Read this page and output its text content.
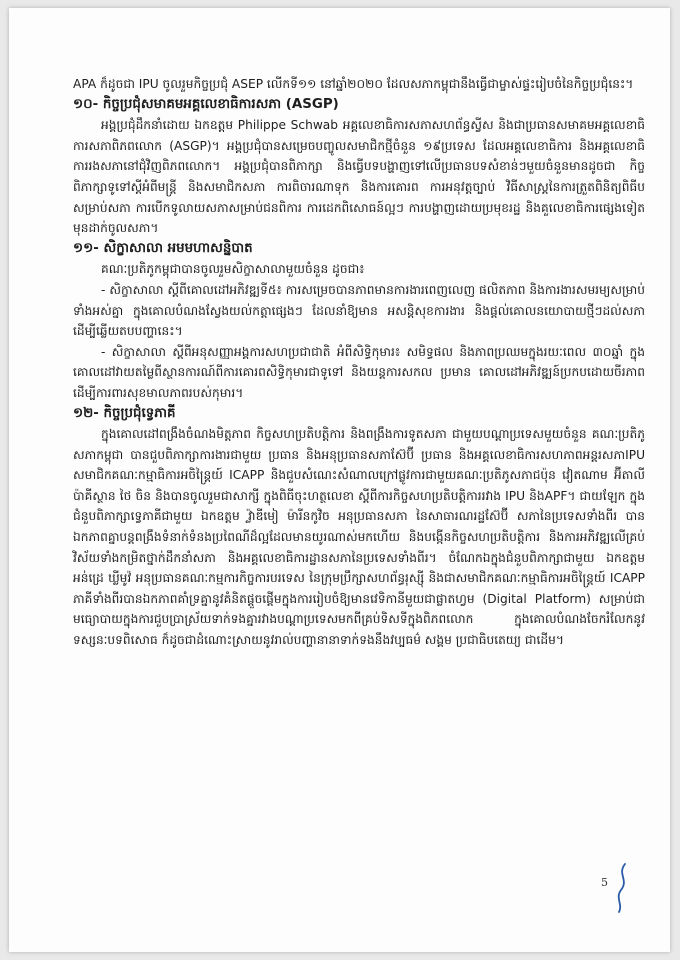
APA ក៏ដូចជា IPU ចូលរួមកិច្ចប្រជុំ ASEP លើកទី១១ នៅឆ្នាំ២០២០ ដែលសភាកម្ពុជានឹងធ្វើជាម្ចាស់ផ្ទះរៀបចំនៃកិច្ចប្រជុំនេះ។

១០- កិច្ចប្រជុំសមាគមអគ្គលេខាធិការសភា (ASGP)

អង្គប្រជុំដឹកនាំដោយ ឯកឧត្តម Philippe Schwab អគ្គលេខាធិការសភាសហព័ន្ធស្វីស និងជាប្រធានសមាគមអគ្គលេខាធិការសភាពិភពលោក (ASGP)។ អង្គប្រជុំបានសម្រេចបញ្ចូលសមាជិកថ្មីចំនួន ១៩ប្រទេស ដែលអគ្គលេខាធិការ និងអគ្គលេខាធិការរងសភានៅជុំវិញពិភពលោក។ អង្គប្រជុំបានពិភាក្សា និងធ្វើបទបង្ហាញទៅលើប្រធានបទសំខាន់ៗមួយចំនួនមានដូចជា កិច្ចពិភាក្សាទូទៅស្តីអំពីមន្ត្រី និងសមាជិកសភា ការពិចារណាទុក និងការគោរព ការអនុវត្តច្បាប់ វិធីសាស្ត្រនៃការត្រួតពិនិត្យពិធីបសម្រាប់សភា ការបើកទូលាយសភាសម្រាប់ជនពិការ ការដេកពិសោធន៍ល្អៗ ការបង្ហាញដោយប្រមុខរដ្ឋ និងគួលេខាធិការផ្សេងទៀតមុនដាក់ចូលសភា។

១១- សិក្ខាសាលា អមមហាសន្និបាត

គណៈប្រតិភូកម្ពុជាបានចូលរួមសិក្ខាសាលាមួយចំនួន ដូចជា៖

- សិក្ខាសាលា ស្តីពីគោលដៅអភិវឌ្ឍទី៥៖ ការសម្រេចបានភាពមានការងារពេញលេញ ផលិតភាព និងការងារសមរម្យសម្រាប់ទាំងអស់គ្នា ក្នុងគោលបំណងស្វែងយល់កត្តាផ្សេងៗ ដែលនាំឱ្យមាន អសន្តិសុខការងារ និងផ្តល់គោលនយោបាយថ្មីៗដល់សភា ដើម្បីឆ្លើយតបបញ្ហានេះ។

- សិក្ខាសាលា ស្តីពីអនុសញ្ញាអង្គការសហប្រជាជាតិ អំពីសិទ្ធិកុមារ៖ សមិទ្ធផល និងភាពប្រឈមក្នុងរយៈពេល ៣០ឆ្នាំ ក្នុងគោលដៅវាយតម្លៃពីស្ថានការណ៍ពីការគោរពសិទ្ធិកុមារជាទូទៅ និងយន្តការសកល ប្រមាន គោលដៅអភិវឌ្ឍន៍ប្រកបដោយចីរភាព ដើម្បីការពារសុខមាលភាពរបស់កុមារ។

១២- កិច្ចប្រជុំទ្វេភាគី

ក្នុងគោលដៅពង្រឹងចំណងមិត្តភាព កិច្ចសហប្រតិបត្តិការ និងពង្រឹងការទូតសភា ជាមួយបណ្តាប្រទេសមួយចំនួន គណៈប្រតិភូសភាកម្ពុជា បានជួបពិភាក្សាការងារជាមួយ ប្រធាន និងអនុប្រធានសភាស៊ែប៊ី ប្រធាន និងអគ្គលេខាធិការសហភាពអន្តរសភាIPU សមាជិកគណៈកម្មាធិការអចិន្ត្រៃយ៍ ICAPP និងជួបសំណេះសំណាលក្រៅផ្លូវការជាមួយគណៈប្រតិភូសភាជប៉ុន វៀតណាម អ៊ីតាលី ប៉ាគីស្ថាន ថៃ ចិន និងបានចូលរួមជាសាក្សី ក្នុងពិធីចុះហត្ថលេខា ស្តីពីការកិច្ចសហប្រតិបត្តិការរវាង IPU និងAPF។ ជាយឡែក ក្នុងជំនួបពិភាក្សាទ្វេភាគីជាមួយ ឯកឧត្តម វ្ល៉ាឌីមៀ ម៉ារីនកូវិច អនុប្រធានសភា នៃសាធារណរដ្ឋស៊ែប៊ី សភានៃប្រទេសទាំងពីរ បានឯកភាពគ្នាបន្តពង្រឹងទំនាក់ទំនងប្រពៃណីដ៏ល្អដែលមានយូរណាស់មកហើយ និងបង្កើនកិច្ចសហប្រតិបត្តិការ និងការអភិវឌ្ឍលើគ្រប់វិស័យទាំងកម្រិតថ្នាក់ដឹកនាំសភា និងអគ្គលេខាធិការដ្ឋានសភានៃប្រទេសទាំងពីរ។ ចំណែកឯក្នុងជំនួបពិភាក្សាជាមួយ ឯកឧត្តម អន់ដ្រេ ឃ្លីមូវ៉ អនុប្រធានគណៈកម្មការកិច្ចការបរទេស នៃក្រុមប្រឹក្សាសហព័ន្ធរុស្ស៊ី និងជាសមាជិកគណៈកម្មាធិការអចិន្ត្រៃយ៍ ICAPP ភាគីទាំងពីរបានឯកភាពគាំទ្រគ្នានូវគំនិតផ្តួចផ្តើមក្នុងការរៀបចំឱ្យមានវេទិកានីមួយជាផ្លាតហ្វម (Digital Platform) សម្រាប់ជាមធ្យោបាយក្នុងការជួបប្រាស្រ័យទាក់ទងគ្នារវាងបណ្តាប្រទេសមកពីគ្រប់ទិសទីក្នុងពិភពលោក ក្នុងគោលបំណងចែករំលែកនូវទស្សនៈបទពិសោធ ក៏ដូចជាដំណោះស្រាយនូវរាល់បញ្ហានានាទាក់ទងនឹងវប្បធម៌ សង្គម ប្រជាធិបតេយ្យ ជាដើម។

5
